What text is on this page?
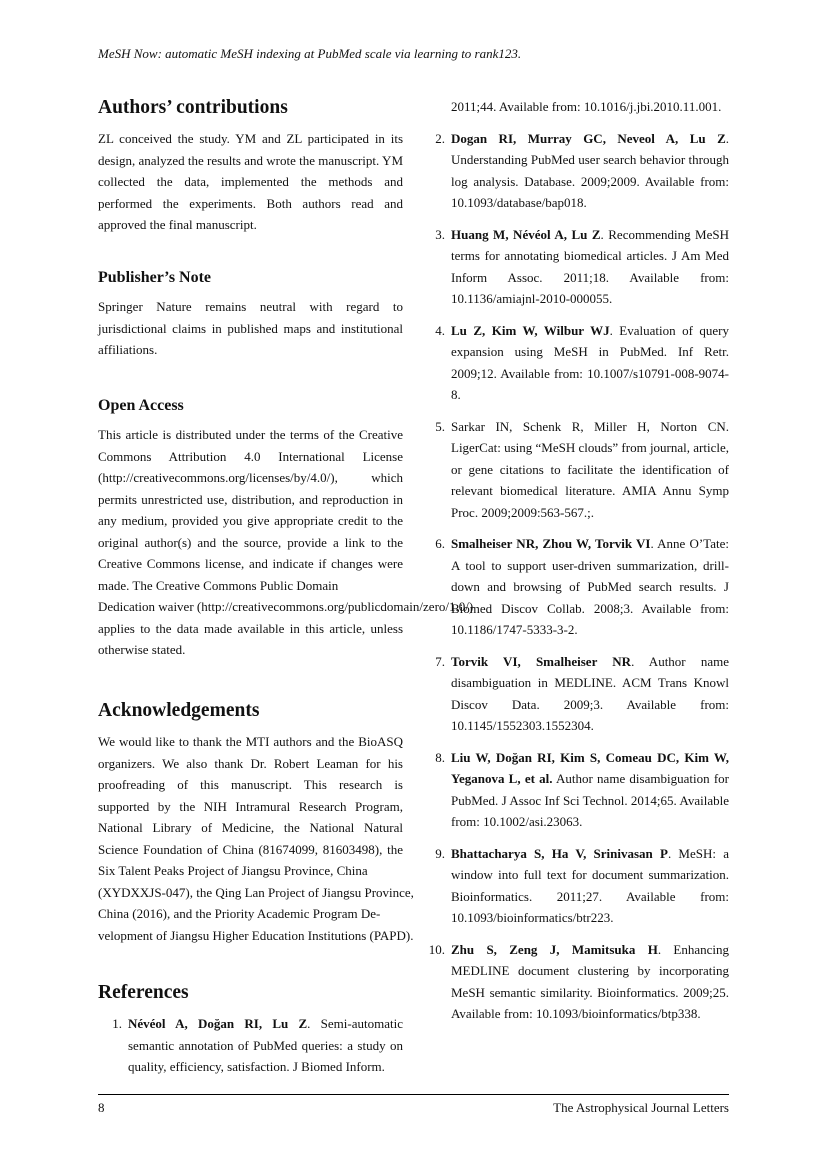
MeSH Now: automatic MeSH indexing at PubMed scale via learning to rank123.
Authors’ contributions

ZL conceived the study. YM and ZL participated in its design, analyzed the results and wrote the manuscript. YM collected the data, implemented the methods and performed the experiments. Both authors read and approved the final manuscript.

Publisher’s Note

Springer Nature remains neutral with regard to jurisdictional claims in published maps and institutional affiliations.

Open Access

This article is distributed under the terms of the Creative Commons Attribution 4.0 International License (http://creativecommons.org/licenses/by/4.0/), which permits unrestricted use, distribution, and reproduction in any medium, provided you give appropriate credit to the original author(s) and the source, provide a link to the Creative Commons license, and indicate if changes were made. The Creative Commons Public Domain
Dedication waiver (http://creativecommons.org/publicdomain/zero/1.0/)
applies to the data made available in this article, unless otherwise stated.

Acknowledgements

We would like to thank the MTI authors and the BioASQ organizers. We also thank Dr. Robert Leaman for his proofreading of this manuscript. This research is supported by the NIH Intramural Research Program, National Library of Medicine, the National Natural Science Foundation of China (81674099, 81603498), the Six Talent Peaks Project of Jiangsu Province, China

(XYDXXJS-047), the Qing Lan Project of Jiangsu Province,
China (2016), and the Priority Academic Program De-
velopment of Jiangsu Higher Education Institutions (PAPD).
References
1. Névéol A, Doğan RI, Lu Z. Semi-automatic semantic annotation of PubMed queries: a study on quality, efficiency, satisfaction. J Biomed Inform.
2011;44. Available from: 10.1016/j.jbi.2010.11.001.
2. Dogan RI, Murray GC, Neveol A, Lu Z. Understanding PubMed user search behavior through log analysis. Database. 2009;2009. Available from: 10.1093/database/bap018.
3. Huang M, Névéol A, Lu Z. Recommending MeSH terms for annotating biomedical articles. J Am Med Inform Assoc. 2011;18. Available from: 10.1136/amiajnl-2010-000055.
4. Lu Z, Kim W, Wilbur WJ. Evaluation of query expansion using MeSH in PubMed. Inf Retr. 2009;12. Available from: 10.1007/s10791-008-9074-8.
5. Sarkar IN, Schenk R, Miller H, Norton CN. LigerCat: using “MeSH clouds” from journal, article, or gene citations to facilitate the identification of relevant biomedical literature. AMIA Annu Symp Proc. 2009;2009:563-567.;.
6. Smalheiser NR, Zhou W, Torvik VI. Anne O’Tate: A tool to support user-driven summarization, drill-down and browsing of PubMed search results. J Biomed Discov Collab. 2008;3. Available from: 10.1186/1747-5333-3-2.
7. Torvik VI, Smalheiser NR. Author name disambiguation in MEDLINE. ACM Trans Knowl Discov Data. 2009;3. Available from: 10.1145/1552303.1552304.
8. Liu W, Doğan RI, Kim S, Comeau DC, Kim W, Yeganova L, et al. Author name disambiguation for PubMed. J Assoc Inf Sci Technol. 2014;65. Available from: 10.1002/asi.23063.
9. Bhattacharya S, Ha V, Srinivasan P. MeSH: a window into full text for document summarization. Bioinformatics. 2011;27. Available from: 10.1093/bioinformatics/btr223.
10. Zhu S, Zeng J, Mamitsuka H. Enhancing MEDLINE document clustering by incorporating MeSH semantic similarity. Bioinformatics. 2009;25. Available from: 10.1093/bioinformatics/btp338.
8	The Astrophysical Journal Letters
